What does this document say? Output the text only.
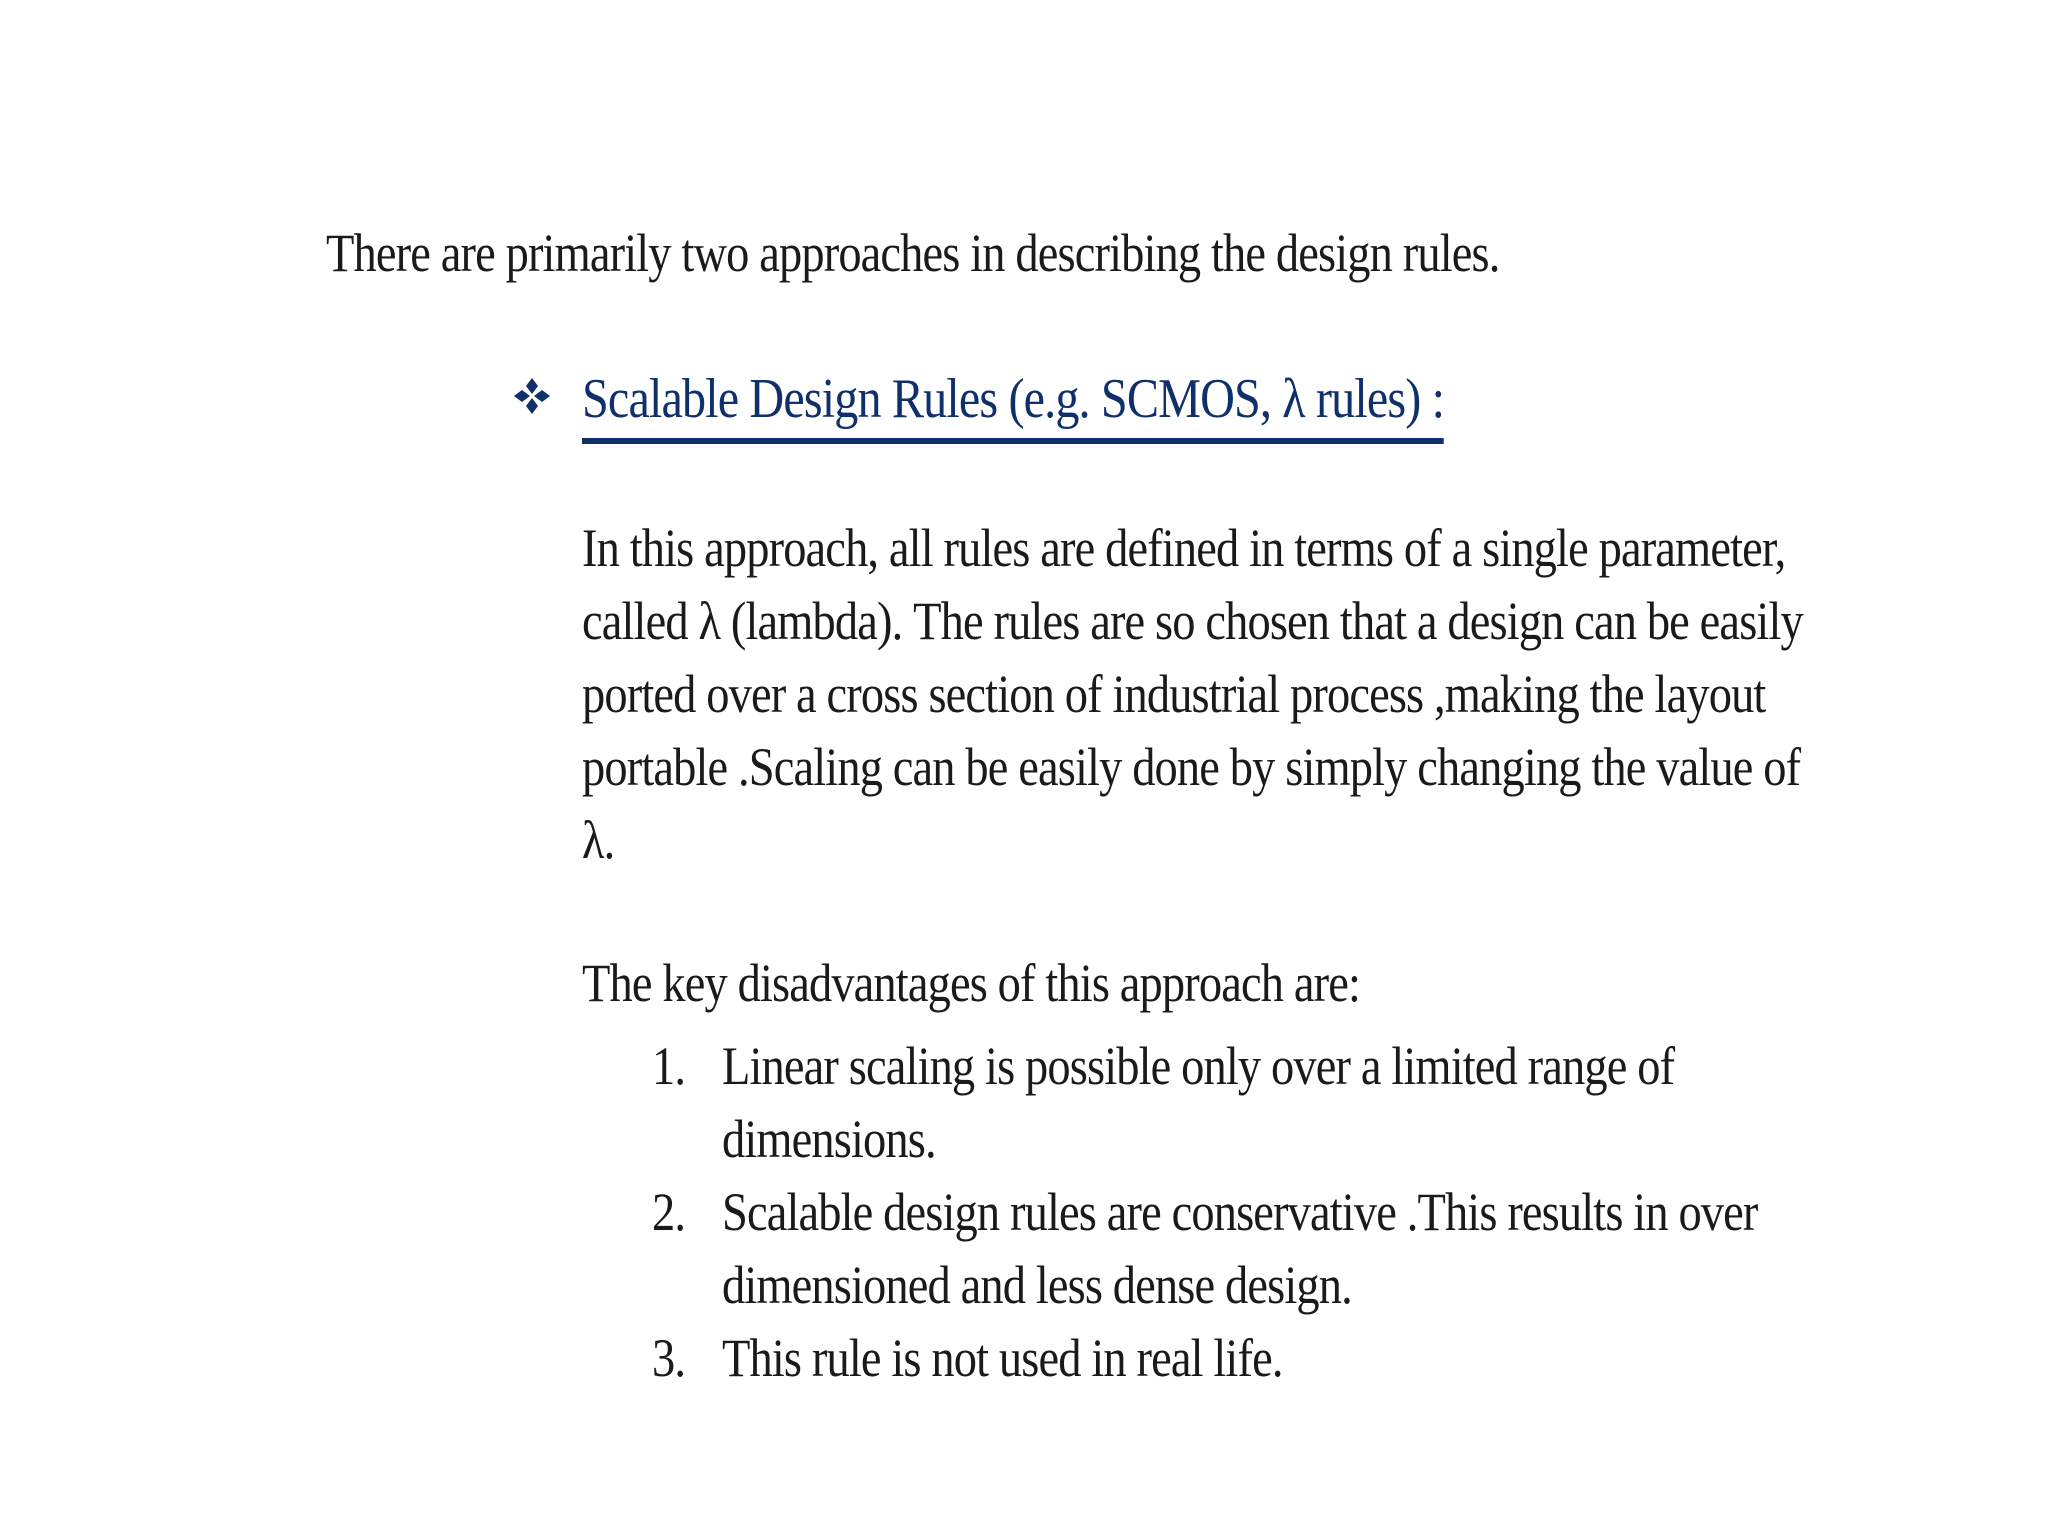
There are primarily two approaches in describing the design rules.
Scalable Design Rules (e.g. SCMOS, λ rules) :
In this approach, all rules are defined in terms of a single parameter,
called λ (lambda). The rules are so chosen that a design can be easily
ported over a cross section of industrial process ,making the layout
portable .Scaling can be easily done by simply changing the value of
λ.
The key disadvantages of this approach are:
1. Linear scaling is possible only over a limited range of
dimensions.
2. Scalable design rules are conservative .This results in over
dimensioned and less dense design.
3. This rule is not used in real life.
